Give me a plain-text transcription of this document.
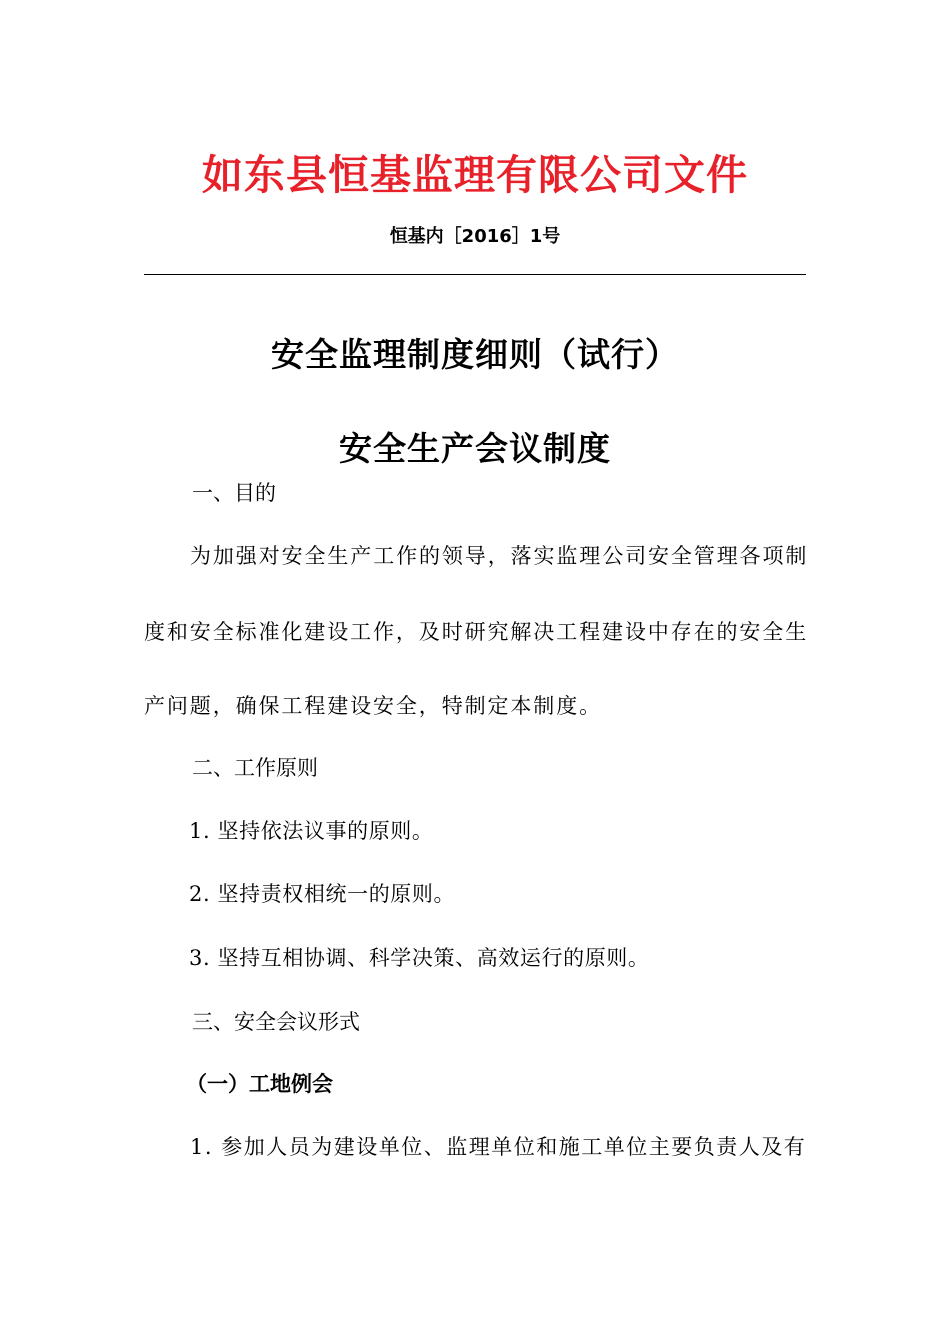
如东县恒基监理有限公司文件
恒基内［2016］1号
安全监理制度细则（试行）
安全生产会议制度
一、目的
为加强对安全生产工作的领导，落实监理公司安全管理各项制
度和安全标准化建设工作，及时研究解决工程建设中存在的安全生
产问题，确保工程建设安全，特制定本制度。
二、工作原则
1. 坚持依法议事的原则。
2. 坚持责权相统一的原则。
3. 坚持互相协调、科学决策、高效运行的原则。
三、安全会议形式
（一）工地例会
1. 参加人员为建设单位、监理单位和施工单位主要负责人及有
